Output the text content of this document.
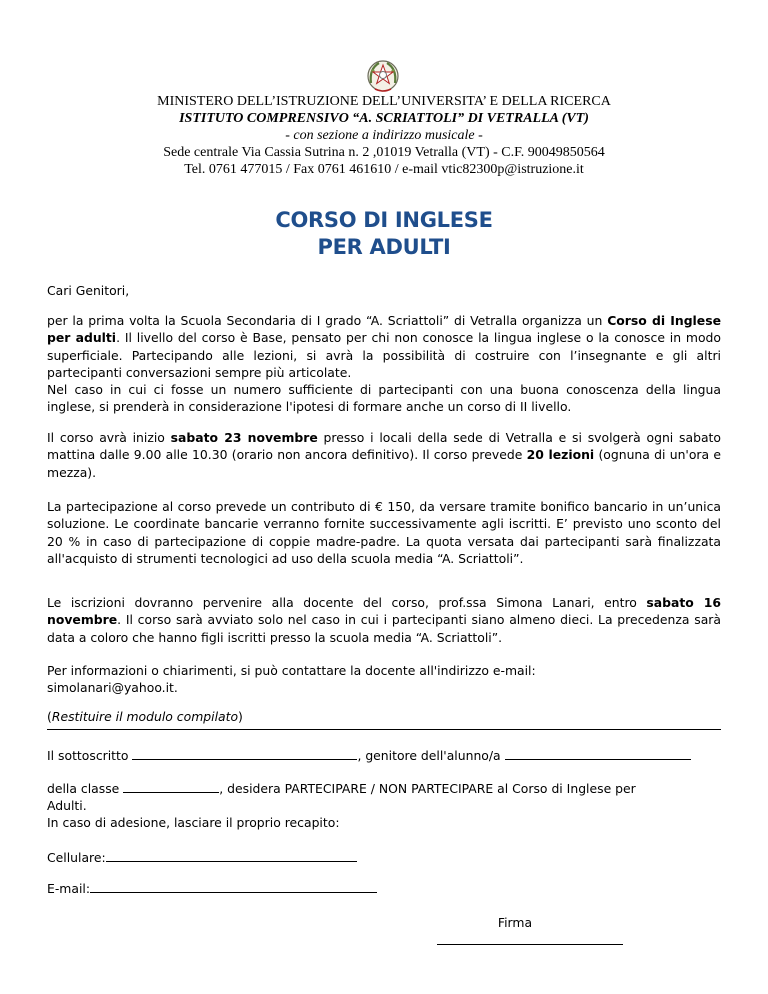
MINISTERO DELL’ISTRUZIONE DELL’UNIVERSITA’ E DELLA RICERCA
ISTITUTO COMPRENSIVO “A. SCRIATTOLI” DI VETRALLA (VT)
- con sezione a indirizzo musicale -
Sede centrale Via Cassia Sutrina n. 2 ,01019 Vetralla (VT) - C.F. 90049850564
Tel. 0761 477015 / Fax 0761 461610 / e-mail vtic82300p@istruzione.it
CORSO DI INGLESE
PER ADULTI
Cari Genitori,
per la prima volta la Scuola Secondaria di I grado “A. Scriattoli” di Vetralla organizza un Corso di Inglese per adulti. Il livello del corso è Base, pensato per chi non conosce la lingua inglese o la conosce in modo superficiale. Partecipando alle lezioni, si avrà la possibilità di costruire con l’insegnante e gli altri partecipanti conversazioni sempre più articolate.
Nel caso in cui ci fosse un numero sufficiente di partecipanti con una buona conoscenza della lingua inglese, si prenderà in considerazione l'ipotesi di formare anche un corso di II livello.
Il corso avrà inizio sabato 23 novembre presso i locali della sede di Vetralla e si svolgerà ogni sabato mattina dalle 9.00 alle 10.30 (orario non ancora definitivo). Il corso prevede 20 lezioni (ognuna di un'ora e mezza).
La partecipazione al corso prevede un contributo di € 150, da versare tramite bonifico bancario in un’unica soluzione. Le coordinate bancarie verranno fornite successivamente agli iscritti. E’ previsto uno sconto del 20 % in caso di partecipazione di coppie madre-padre. La quota versata dai partecipanti sarà finalizzata all'acquisto di strumenti tecnologici ad uso della scuola media “A. Scriattoli”.
Le iscrizioni dovranno pervenire alla docente del corso, prof.ssa Simona Lanari, entro sabato 16 novembre. Il corso sarà avviato solo nel caso in cui i partecipanti siano almeno dieci. La precedenza sarà data a coloro che hanno figli iscritti presso la scuola media “A. Scriattoli”.
Per informazioni o chiarimenti, si può contattare la docente all'indirizzo e-mail:
simolanari@yahoo.it.
(Restituire il modulo compilato)
Il sottoscritto	, genitore dell'alunno/a
della classe	, desidera PARTECIPARE / NON PARTECIPARE al Corso di Inglese per
Adulti.
In caso di adesione, lasciare il proprio recapito:
Cellulare:
E-mail:
Firma
